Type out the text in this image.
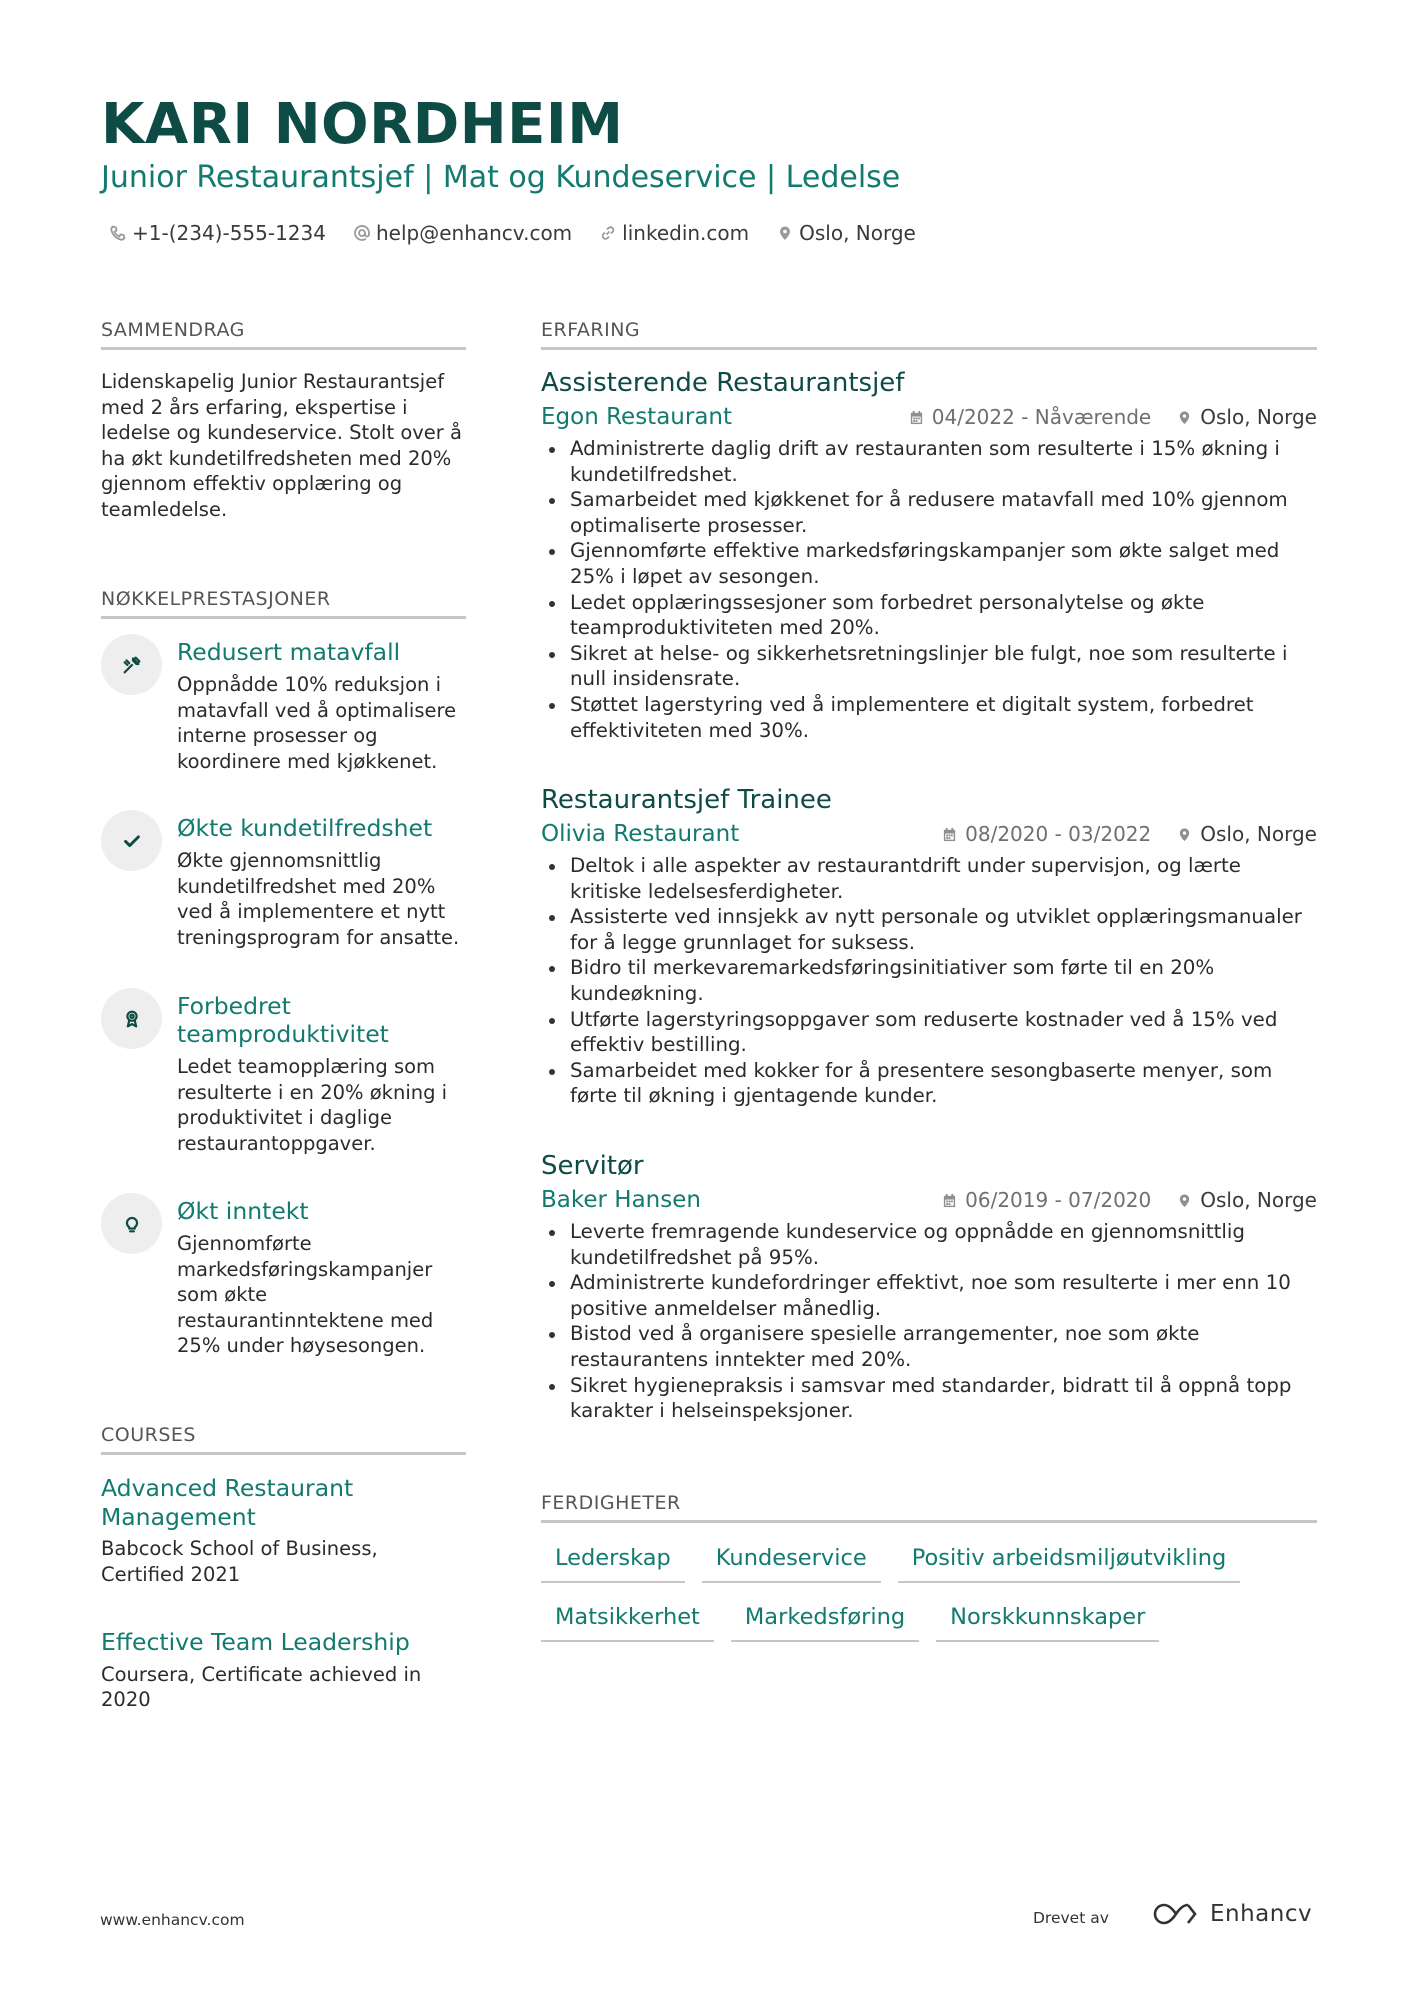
KARI NORDHEIM
Junior Restaurantsjef | Mat og Kundeservice | Ledelse
+1-(234)-555-1234	help@enhancv.com	linkedin.com	Oslo, Norge
SAMMENDRAG
Lidenskapelig Junior Restaurantsjef med 2 års erfaring, ekspertise i ledelse og kundeservice. Stolt over å ha økt kundetilfredsheten med 20% gjennom effektiv opplæring og teamledelse.
NØKKELPRESTASJONER
Redusert matavfall
Oppnådde 10% reduksjon i matavfall ved å optimalisere interne prosesser og koordinere med kjøkkenet.
Økte kundetilfredshet
Økte gjennomsnittlig kundetilfredshet med 20% ved å implementere et nytt treningsprogram for ansatte.
Forbedret teamproduktivitet
Ledet teamopplæring som resulterte i en 20% økning i produktivitet i daglige restaurantoppgaver.
Økt inntekt
Gjennomførte markedsføringskampanjer som økte restaurantinntektene med 25% under høysesongen.
COURSES
Advanced Restaurant Management
Babcock School of Business, Certified 2021
Effective Team Leadership
Coursera, Certificate achieved in 2020
ERFARING
Assisterende Restaurantsjef
Egon Restaurant	04/2022 - Nåværende Oslo, Norge
Administrerte daglig drift av restauranten som resulterte i 15% økning i kundetilfredshet.
Samarbeidet med kjøkkenet for å redusere matavfall med 10% gjennom optimaliserte prosesser.
Gjennomførte effektive markedsføringskampanjer som økte salget med 25% i løpet av sesongen.
Ledet opplæringssesjoner som forbedret personalytelse og økte teamproduktiviteten med 20%.
Sikret at helse- og sikkerhetsretningslinjer ble fulgt, noe som resulterte i null insidensrate.
Støttet lagerstyring ved å implementere et digitalt system, forbedret effektiviteten med 30%.
Restaurantsjef Trainee
Olivia Restaurant	08/2020 - 03/2022 Oslo, Norge
Deltok i alle aspekter av restaurantdrift under supervisjon, og lærte kritiske ledelsesferdigheter.
Assisterte ved innsjekk av nytt personale og utviklet opplæringsmanualer for å legge grunnlaget for suksess.
Bidro til merkevaremarkedsføringsinitiativer som førte til en 20% kundeøkning.
Utførte lagerstyringsoppgaver som reduserte kostnader ved å 15% ved effektiv bestilling.
Samarbeidet med kokker for å presentere sesongbaserte menyer, som førte til økning i gjentagende kunder.
Servitør
Baker Hansen	06/2019 - 07/2020 Oslo, Norge
Leverte fremragende kundeservice og oppnådde en gjennomsnittlig kundetilfredshet på 95%.
Administrerte kundefordringer effektivt, noe som resulterte i mer enn 10 positive anmeldelser månedlig.
Bistod ved å organisere spesielle arrangementer, noe som økte restaurantens inntekter med 20%.
Sikret hygienepraksis i samsvar med standarder, bidratt til å oppnå topp karakter i helseinspeksjoner.
FERDIGHETER
Lederskap	Kundeservice	Positiv arbeidsmiljøutvikling
Matsikkerhet	Markedsføring	Norskkunnskaper
www.enhancv.com	Drevet av	Enhancv
